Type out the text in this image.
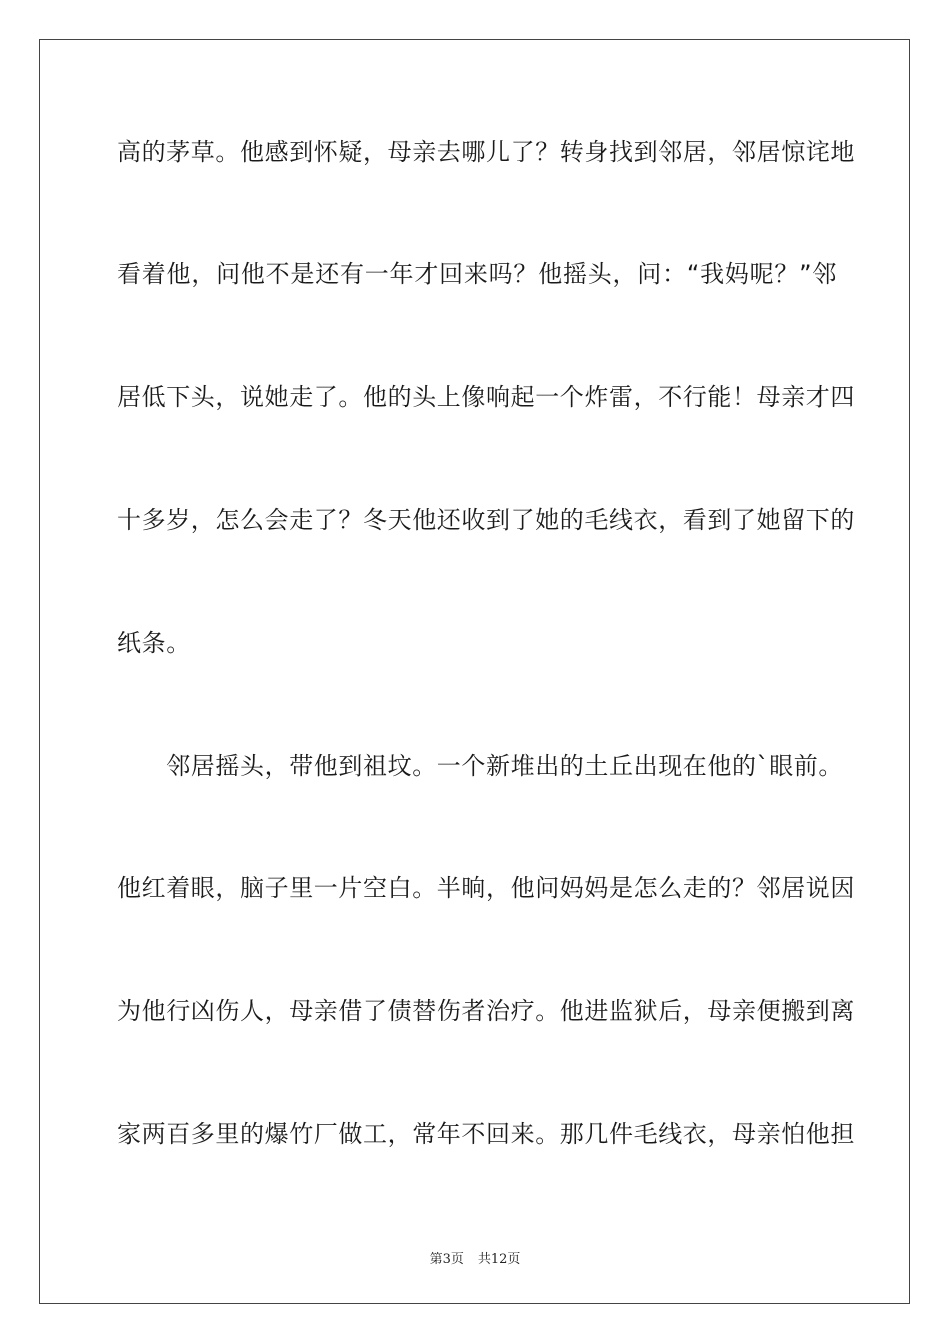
高的茅草。他感到怀疑，母亲去哪儿了？转身找到邻居，邻居惊诧地
看着他，问他不是还有一年才回来吗？他摇头，问：“我妈呢？”邻
居低下头，说她走了。他的头上像响起一个炸雷，不行能！母亲才四
十多岁，怎么会走了？冬天他还收到了她的毛线衣，看到了她留下的
纸条。
　　邻居摇头，带他到祖坟。一个新堆出的土丘出现在他的`眼前。
他红着眼，脑子里一片空白。半晌，他问妈妈是怎么走的？邻居说因
为他行凶伤人，母亲借了债替伤者治疗。他进监狱后，母亲便搬到离
家两百多里的爆竹厂做工，常年不回来。那几件毛线衣，母亲怕他担
第3页 共12页
